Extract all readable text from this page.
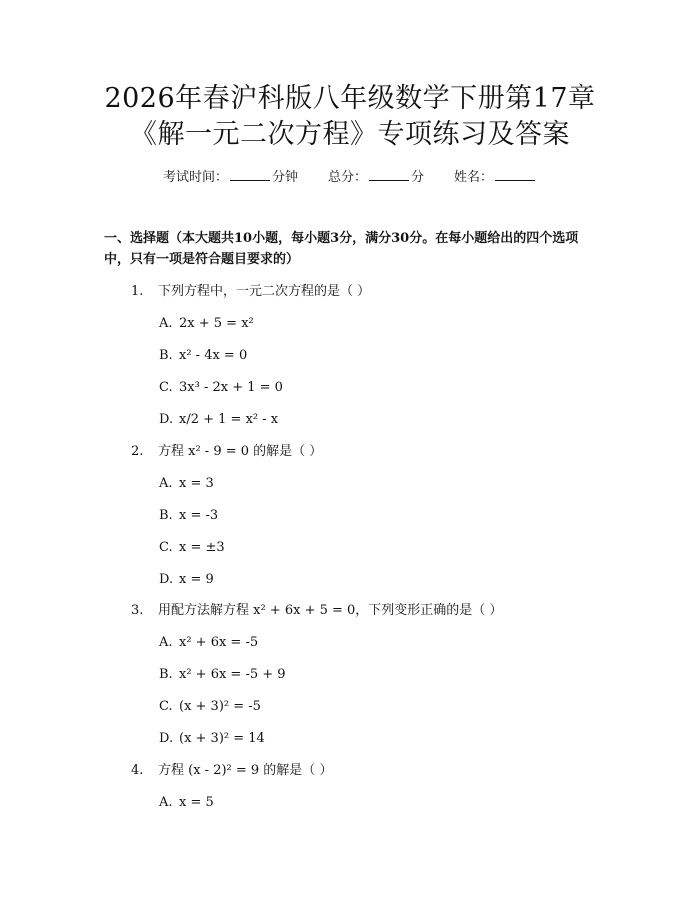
2026年春沪科版八年级数学下册第17章
《解一元二次方程》专项练习及答案
考试时间：	分钟 总分：	分 姓名：
一、选择题（本大题共10小题，每小题3分，满分30分。在每小题给出的四个选项中，只有一项是符合题目要求的）
1. 下列方程中，一元二次方程的是（ ）
A. 2x + 5 = x²
B. x² - 4x = 0
C. 3x³ - 2x + 1 = 0
D. x/2 + 1 = x² - x
2. 方程 x² - 9 = 0 的解是（ ）
A. x = 3
B. x = -3
C. x = ±3
D. x = 9
3. 用配方法解方程 x² + 6x + 5 = 0，下列变形正确的是（ ）
A. x² + 6x = -5
B. x² + 6x = -5 + 9
C. (x + 3)² = -5
D. (x + 3)² = 14
4. 方程 (x - 2)² = 9 的解是（ ）
A. x = 5
